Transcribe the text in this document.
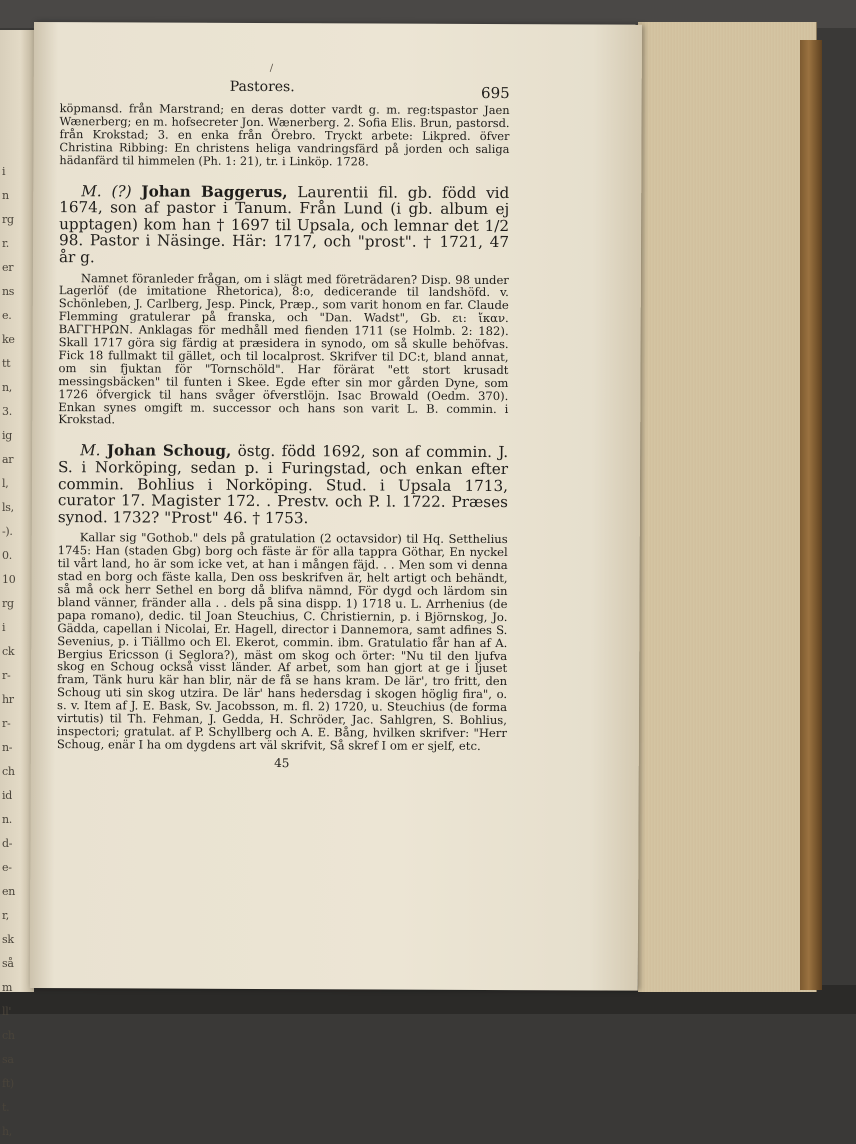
i
n
rg
r.
er
ns
e.
ke
tt
n,
3.
ig
ar
l,
ls,
-).
0.
10
rg
i
ck
r-
hr
r-
n-
ch
id
n.
d-
e-
en
r,
sk
så
m
ll'
ch
sa
ft)
t.
h,
/
Pastores.	695

köpmansd. från Marstrand; en deras dotter vardt g. m. reg:tspastor Jaen Wænerberg; en m. hofsecreter Jon. Wænerberg. 2. Sofia Elis. Brun, pastorsd. från Krokstad; 3. en enka från Örebro. Tryckt arbete: Likpred. öfver Christina Ribbing: En christens heliga vandringsfärd på jorden och saliga hädanfärd til himmelen (Ph. 1: 21), tr. i Linköp. 1728.

M. (?) Johan Baggerus, Laurentii fil. gb. född vid 1674, son af pastor i Tanum. Från Lund (i gb. album ej upptagen) kom han † 1697 til Upsala, och lemnar det 1/2 98. Pastor i Näsinge. Här: 1717, och "prost". † 1721, 47 år g.

Namnet föranleder frågan, om i slägt med företrädaren? Disp. 98 under Lagerlöf (de imitatione Rhetorica), 8:o, dedicerande til landshöfd. v. Schönleben, J. Carlberg, Jesp. Pinck, Præp., som varit honom en far. Claude Flemming gratulerar på franska, och "Dan. Wadst", Gb. ει: ἴκαν. ΒΑΓΓΗΡΩΝ. Anklagas för medhåll med fienden 1711 (se Holmb. 2: 182). Skall 1717 göra sig färdig at præsidera in synodo, om så skulle behöfvas. Fick 18 fullmakt til gället, och til localprost. Skrifver til DC:t, bland annat, om sin fjuktan för "Tornschöld". Har förärat "ett stort krusadt messingsbäcken" til funten i Skee. Egde efter sin mor gården Dyne, som 1726 öfvergick til hans svåger öfverstlöjn. Isac Browald (Oedm. 370). Enkan synes omgift m. successor och hans son varit L. B. commin. i Krokstad.

M. Johan Schoug, östg. född 1692, son af commin. J. S. i Norköping, sedan p. i Furingstad, och enkan efter commin. Bohlius i Norköping. Stud. i Upsala 1713, curator 17. Magister 172. . Prestv. och P. l. 1722. Præses synod. 1732? "Prost" 46. † 1753.

Kallar sig "Gothob." dels på gratulation (2 octavsidor) til Hq. Setthelius 1745: Han (staden Gbg) borg och fäste är för alla tappra Göthar, En nyckel til vårt land, ho är som icke vet, at han i mången fäjd. . . Men som vi denna stad en borg och fäste kalla, Den oss beskrifven är, helt artigt och behändt, så må ock herr Sethel en borg då blifva nämnd, För dygd och lärdom sin bland vänner, fränder alla . . dels på sina dispp. 1) 1718 u. L. Arrhenius (de papa romano), dedic. til Joan Steuchius, C. Christiernin, p. i Björnskog, Jo. Gädda, capellan i Nicolai, Er. Hagell, director i Dannemora, samt adfines S. Sevenius, p. i Tiällmo och El. Ekerot, commin. ibm. Gratulatio får han af A. Bergius Ericsson (i Seglora?), mäst om skog och örter: "Nu til den ljufva skog en Schoug också visst länder. Af arbet, som han gjort at ge i ljuset fram, Tänk huru kär han blir, när de få se hans kram. De lär', tro fritt, den Schoug uti sin skog utzira. De lär' hans hedersdag i skogen höglig fira", o. s. v. Item af J. E. Bask, Sv. Jacobsson, m. fl. 2) 1720, u. Steuchius (de forma virtutis) til Th. Fehman, J. Gedda, H. Schröder, Jac. Sahlgren, S. Bohlius, inspectori; gratulat. af P. Schyllberg och A. E. Bång, hvilken skrifver: "Herr Schoug, enär I ha om dygdens art väl skrifvit, Så skref I om er sjelf, etc.

45
